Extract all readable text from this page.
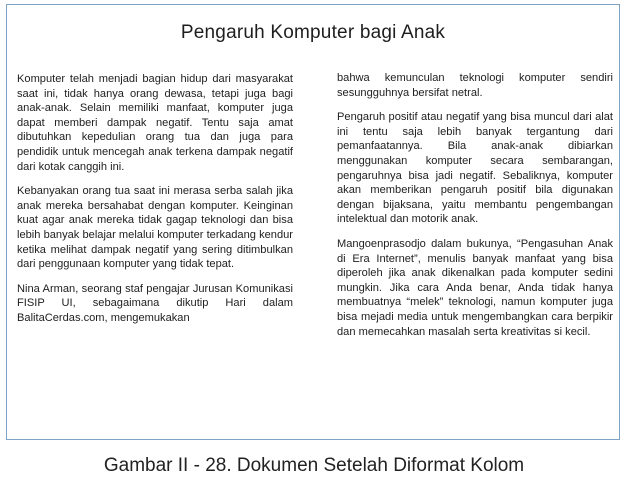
Pengaruh Komputer bagi Anak

Komputer telah menjadi bagian hidup dari masyarakat saat ini, tidak hanya orang dewasa, tetapi juga bagi anak-anak. Selain memiliki manfaat, komputer juga dapat memberi dampak negatif. Tentu saja amat dibutuhkan kepedulian orang tua dan juga para pendidik untuk mencegah anak terkena dampak negatif dari kotak canggih ini.

Kebanyakan orang tua saat ini merasa serba salah jika anak mereka bersahabat dengan komputer. Keinginan kuat agar anak mereka tidak gagap teknologi dan bisa lebih banyak belajar melalui komputer terkadang kendur ketika melihat dampak negatif yang sering ditimbulkan dari penggunaan komputer yang tidak tepat.

Nina Arman, seorang staf pengajar Jurusan Komunikasi FISIP UI, sebagaimana dikutip Hari dalam BalitaCerdas.com, mengemukakan

bahwa kemunculan teknologi komputer sendiri sesungguhnya bersifat netral.

Pengaruh positif atau negatif yang bisa muncul dari alat ini tentu saja lebih banyak tergantung dari pemanfaatannya. Bila anak-anak dibiarkan menggunakan komputer secara sembarangan, pengaruhnya bisa jadi negatif. Sebaliknya, komputer akan memberikan pengaruh positif bila digunakan dengan bijaksana, yaitu membantu pengembangan intelektual dan motorik anak.

Mangoenprasodjo dalam bukunya, “Pengasuhan Anak di Era Internet”, menulis banyak manfaat yang bisa diperoleh jika anak dikenalkan pada komputer sedini mungkin. Jika cara Anda benar, Anda tidak hanya membuatnya “melek” teknologi, namun komputer juga bisa mejadi media untuk mengembangkan cara berpikir dan memecahkan masalah serta kreativitas si kecil.

Gambar II - 28. Dokumen Setelah Diformat Kolom
